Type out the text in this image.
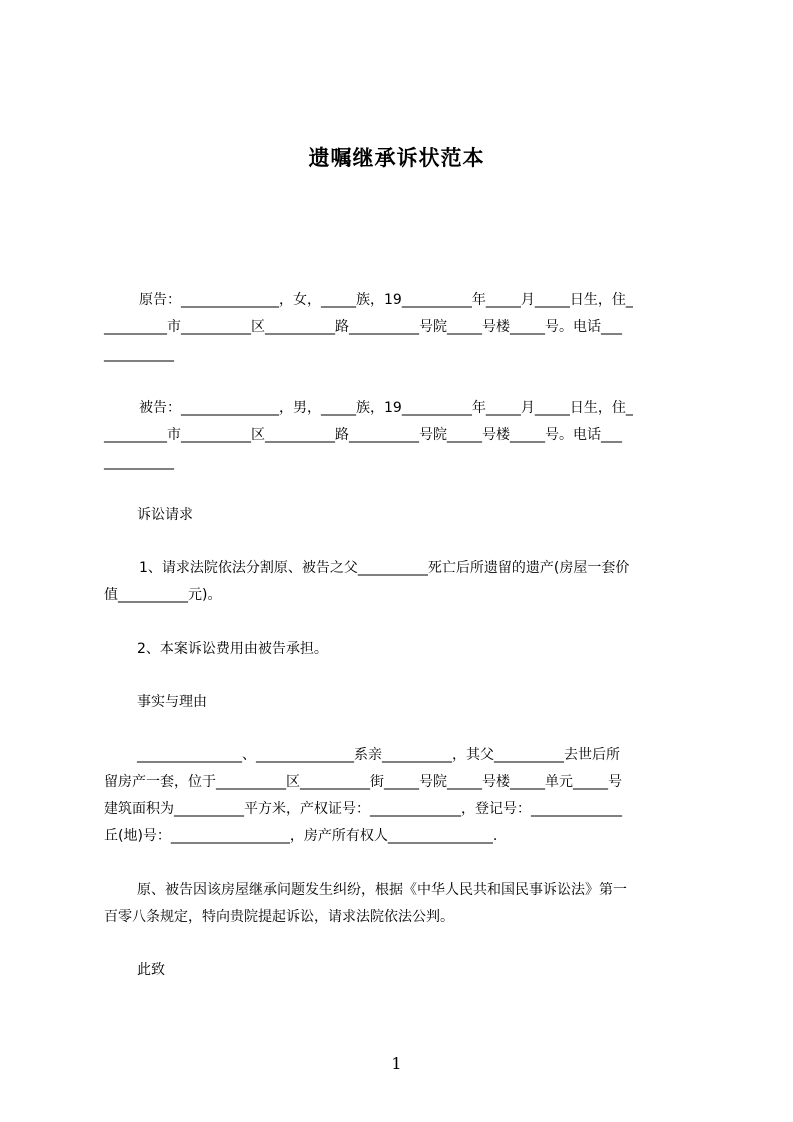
遗嘱继承诉状范本
原告：______________，女，_____族，19__________年_____月_____日生，住_
_________市__________区__________路__________号院_____号楼_____号。电话___
__________
被告：______________，男，_____族，19__________年_____月_____日生，住_
_________市__________区__________路__________号院_____号楼_____号。电话___
__________
诉讼请求
1、请求法院依法分割原、被告之父__________死亡后所遗留的遗产(房屋一套价
值__________元)。
2、本案诉讼费用由被告承担。
事实与理由
_______________、______________系亲__________，其父__________去世后所
留房产一套，位于__________区__________街_____号院_____号楼_____单元_____号
建筑面积为__________平方米，产权证号：_____________，登记号：_____________
丘(地)号：_________________，房产所有权人_______________.
原、被告因该房屋继承问题发生纠纷，根据《中华人民共和国民事诉讼法》第一
百零八条规定，特向贵院提起诉讼，请求法院依法公判。
此致
1
